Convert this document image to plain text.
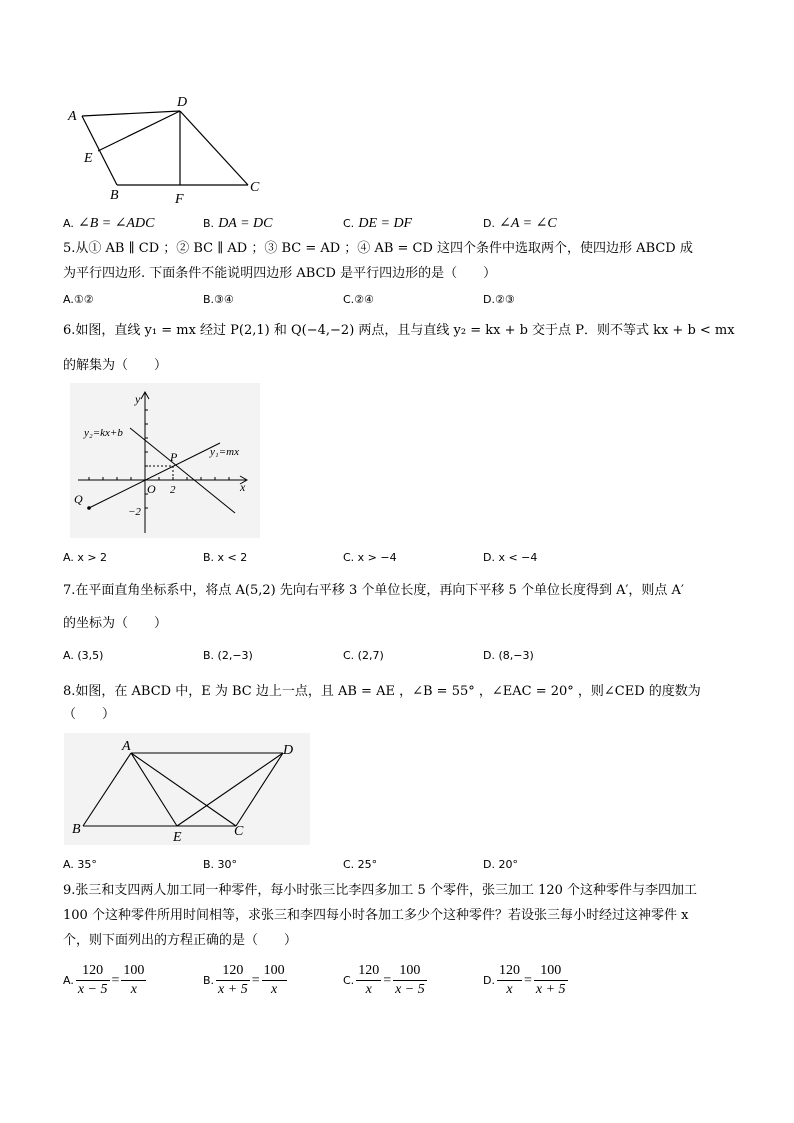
A
D
E
B	F
C
A. ∠B = ∠ADC	B. DA = DC	C. DE = DF	D. ∠A = ∠C
5.从① AB ∥ CD ；② BC ∥ AD ；③ BC = AD ；④ AB = CD 这四个条件中选取两个，使四边形 ABCD 成
为平行四边形. 下面条件不能说明四边形 ABCD 是平行四边形的是（　　）
A.①②	B.③④	C.②④	D.②③
6.如图，直线 y₁ = mx 经过 P(2,1) 和 Q(−4,−2) 两点，且与直线 y₂ = kx + b 交于点 P．则不等式 kx + b < mx
的解集为（　　）
y
x
y₂=kx+b
y₁=mx
P
O 2
−2
Q
A. x > 2	B. x < 2	C. x > −4	D. x < −4
7.在平面直角坐标系中，将点 A(5,2) 先向右平移 3 个单位长度，再向下平移 5 个单位长度得到 A′，则点 A′
的坐标为（　　）
A. (3,5)	B. (2,−3)	C. (2,7)	D. (8,−3)
8.如图，在 ABCD 中，E 为 BC 边上一点，且 AB = AE ，∠B = 55° ，∠EAC = 20° ，则∠CED 的度数为
（　　）
A	D
B
E	C
A. 35°	B. 30°	C. 25°	D. 20°
9.张三和支四两人加工同一种零件，每小时张三比李四多加工 5 个零件，张三加工 120 个这种零件与李四加工
100 个这种零件所用时间相等，求张三和李四每小时各加工多少个这种零件？若设张三每小时经过这神零件 x
个，则下面列出的方程正确的是（　　）
A. $\frac{120}{x - 5} = \frac{100}{x}$	B. $\frac{120}{x + 5} = \frac{100}{x}$	C. $\frac{120}{x} = \frac{100}{x - 5}$	D. $\frac{120}{x} = \frac{100}{x + 5}$
